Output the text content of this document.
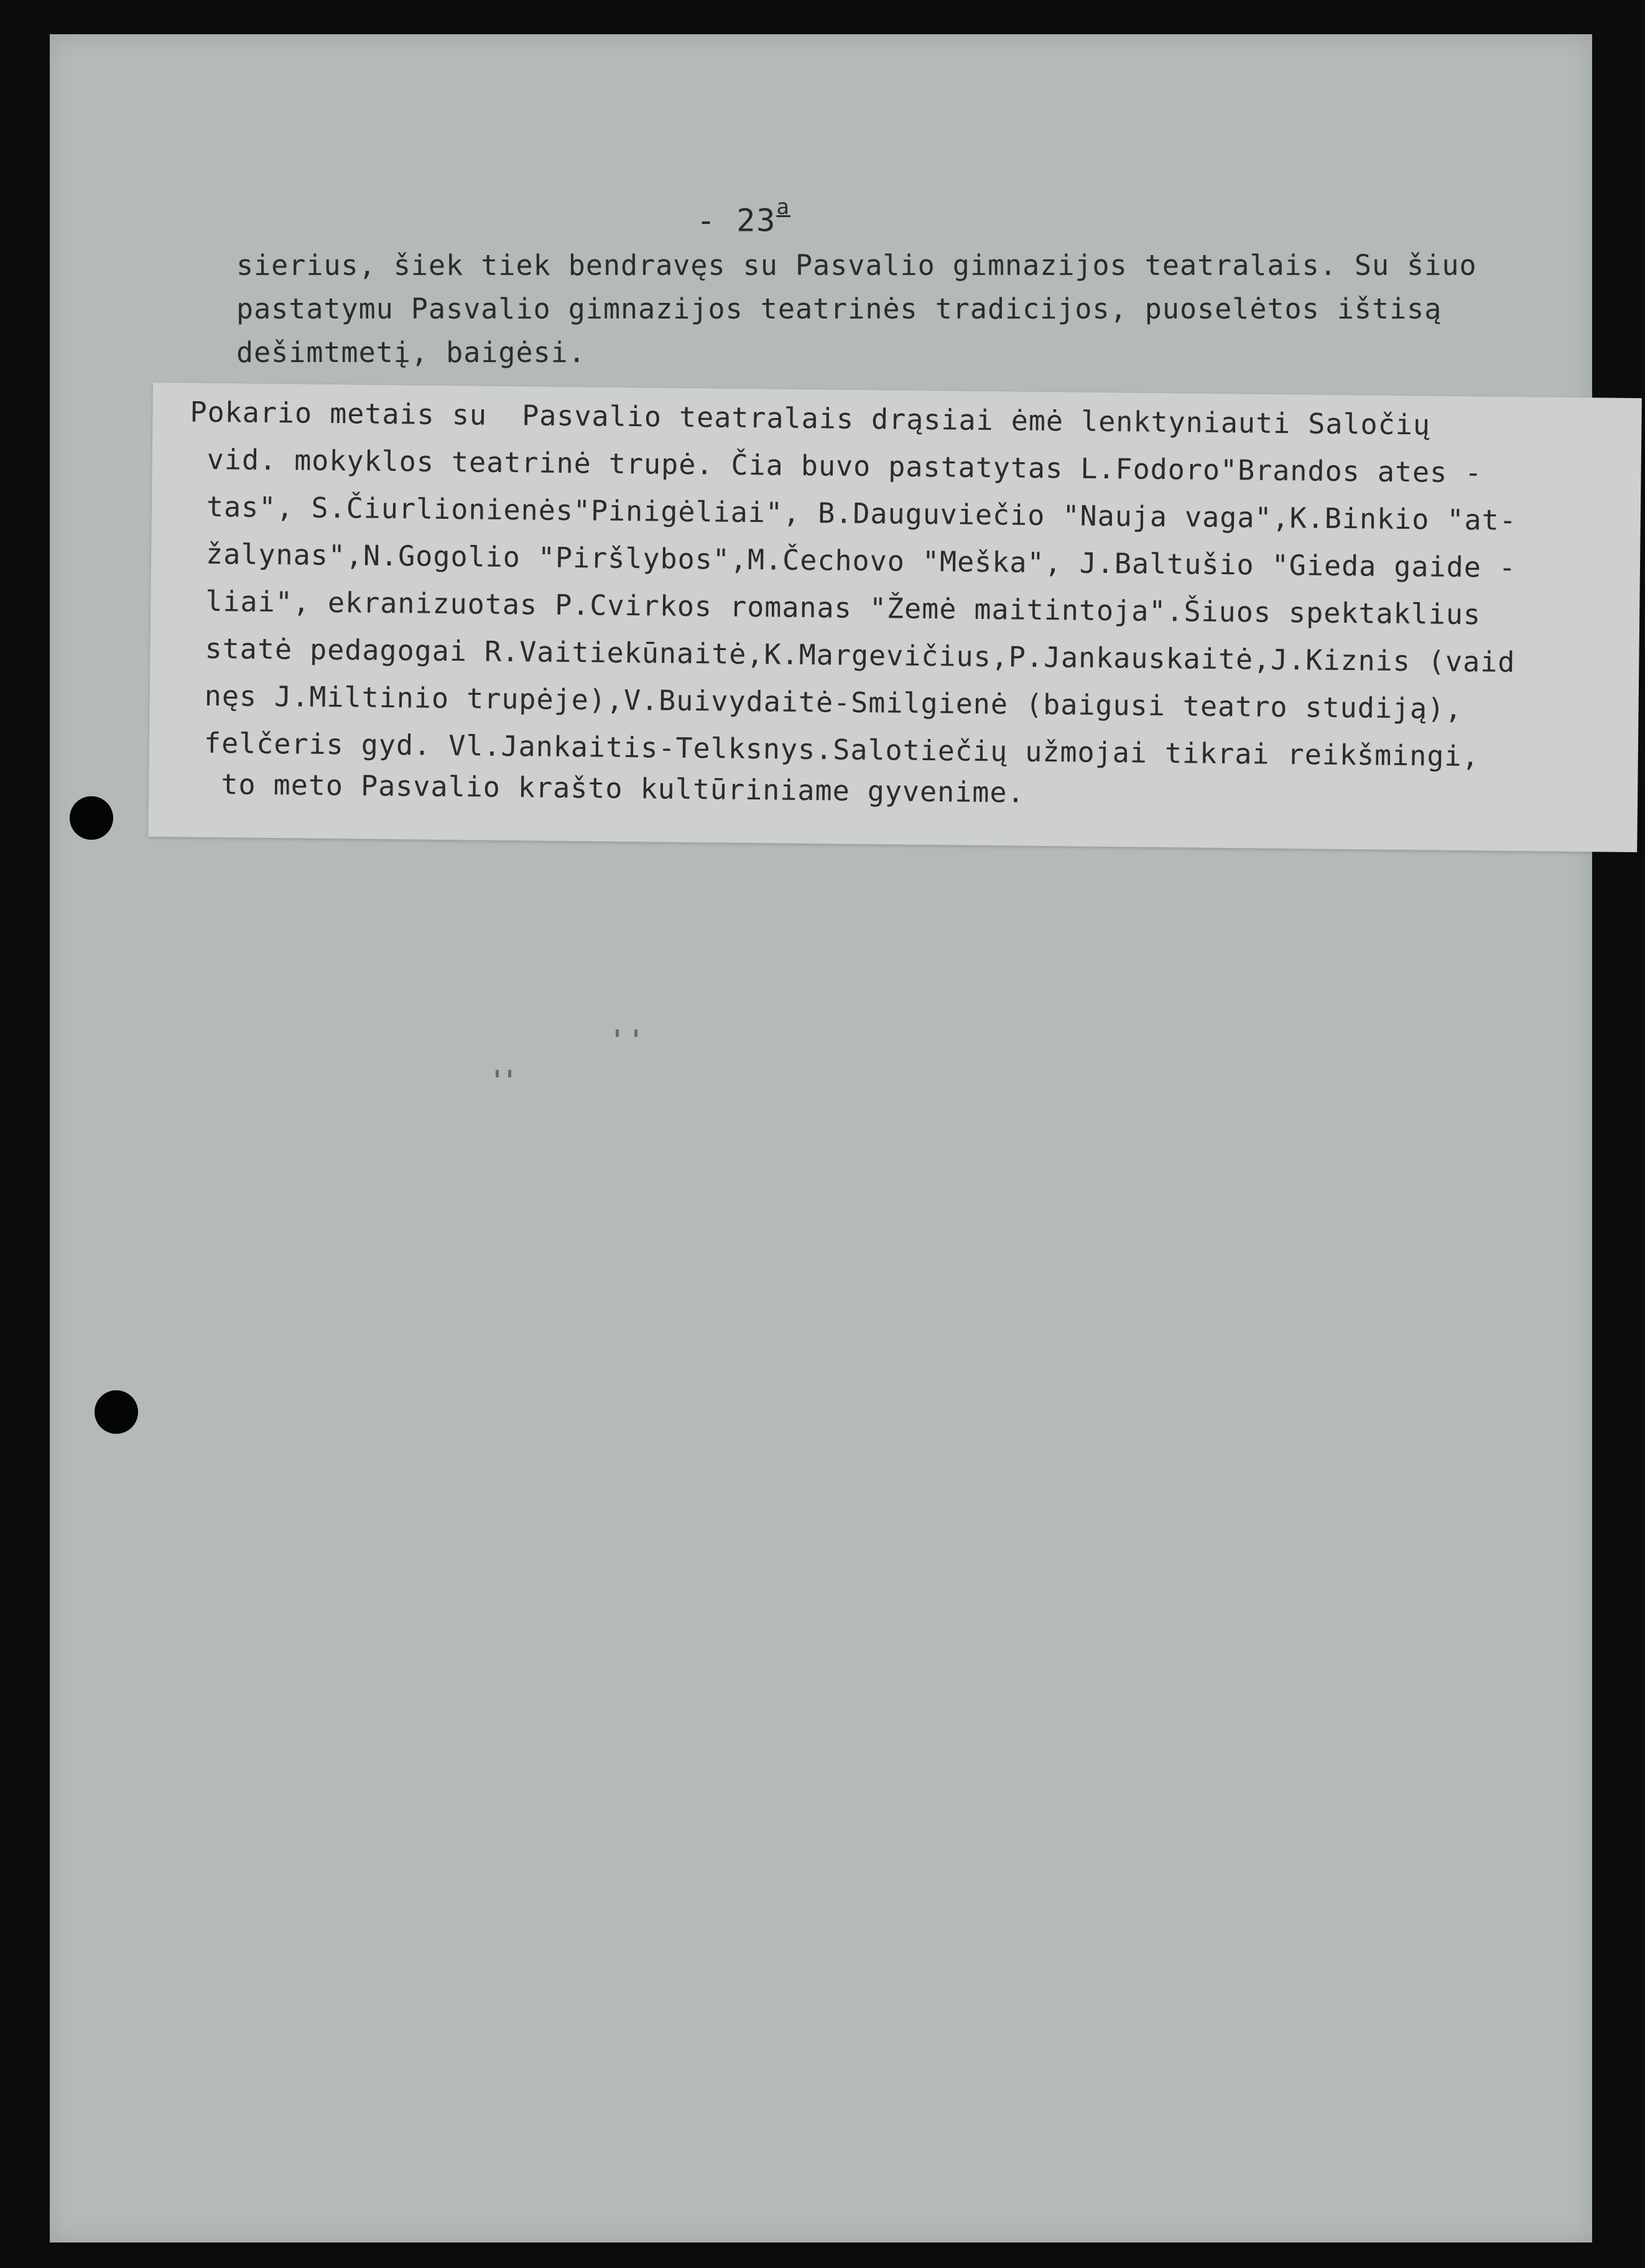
- 23$^a$
sierius, šiek tiek bendravęs su Pasvalio gimnazijos teatralais. Su šiuo
pastatymu Pasvalio gimnazijos teatrinės tradicijos, puoselėtos ištisą
dešimtmetį, baigėsi.
Pokario metais su  Pasvalio teatralais drąsiai ėmė lenktyniauti Saločių
vid. mokyklos teatrinė trupė. Čia buvo pastatytas L.Fodoro"Brandos ates -
tas", S.Čiurlionienės"Pinigėliai", B.Dauguviečio "Nauja vaga",K.Binkio "at-
žalynas",N.Gogolio "Piršlybos",M.Čechovo "Meška", J.Baltušio "Gieda gaide -
liai", ekranizuotas P.Cvirkos romanas "Žemė maitintoja".Šiuos spektaklius
statė pedagogai R.Vaitiekūnaitė,K.Margevičius,P.Jankauskaitė,J.Kiznis (vaid
nęs J.Miltinio trupėje),V.Buivydaitė-Smilgienė (baigusi teatro studiją),
felčeris gyd. Vl.Jankaitis-Telksnys.Salotiečių užmojai tikrai reikšmingi,
to meto Pasvalio krašto kultūriniame gyvenime.
